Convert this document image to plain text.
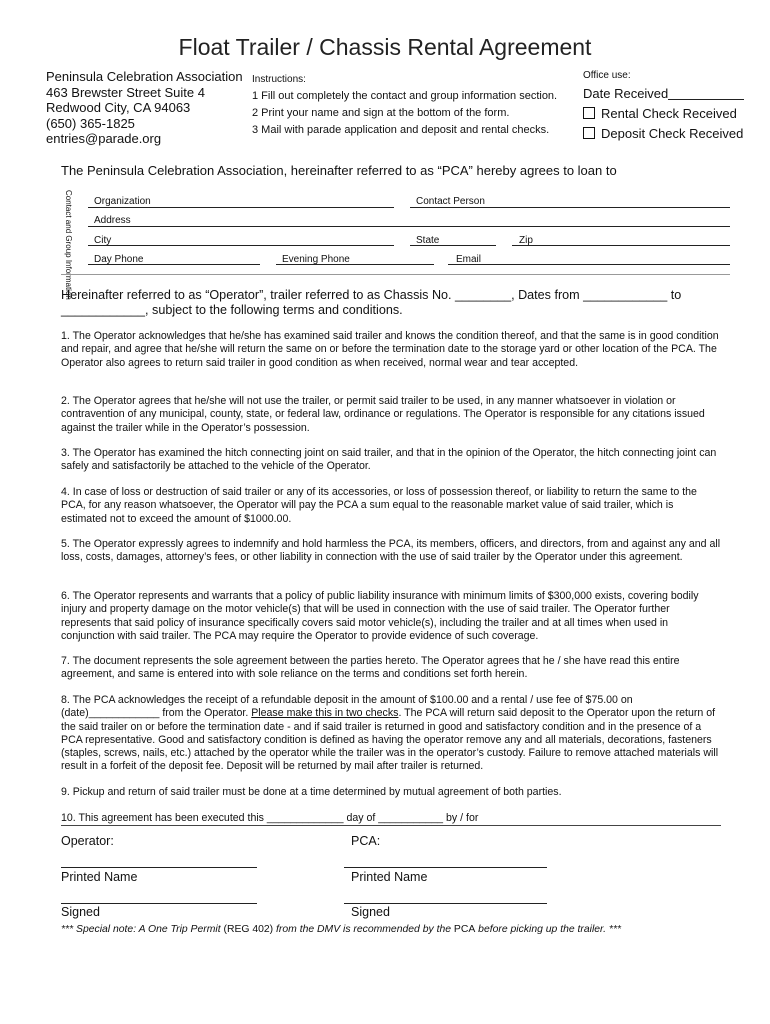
Float Trailer / Chassis Rental Agreement
Peninsula Celebration Association
463 Brewster Street Suite 4
Redwood City, CA 94063
(650) 365-1825
entries@parade.org
Instructions:
1 Fill out completely the contact and group information section.
2 Print your name and sign at the bottom of the form.
3 Mail with parade application and deposit and rental checks.
Office use:
Date Received
Rental Check Received
Deposit Check Received
The Peninsula Celebration Association, hereinafter referred to as “PCA” hereby agrees to loan to
Contact and Group Information Organization	Contact Person
Address
City	State	Zip
Day Phone	Evening Phone	Email
Hereinafter referred to as “Operator”, trailer referred to as Chassis No. ________, Dates from ____________ to
____________, subject to the following terms and conditions.
1. The Operator acknowledges that he/she has examined said trailer and knows the condition thereof, and that the same is in good condition and repair, and agree that he/she will return the same on or before the termination date to the storage yard or other location of the PCA. The Operator also agrees to return said trailer in good condition as when received, normal wear and tear accepted.
2. The Operator agrees that he/she will not use the trailer, or permit said trailer to be used, in any manner whatsoever in violation or contravention of any municipal, county, state, or federal law, ordinance or regulations. The Operator is responsible for any citations issued against the trailer while in the Operator’s possession.
3. The Operator has examined the hitch connecting joint on said trailer, and that in the opinion of the Operator, the hitch connecting joint can safely and satisfactorily be attached to the vehicle of the Operator.
4. In case of loss or destruction of said trailer or any of its accessories, or loss of possession thereof, or liability to return the same to the PCA, for any reason whatsoever, the Operator will pay the PCA a sum equal to the reasonable market value of said trailer, which is estimated not to exceed the amount of $1000.00.
5. The Operator expressly agrees to indemnify and hold harmless the PCA, its members, officers, and directors, from and against any and all loss, costs, damages, attorney’s fees, or other liability in connection with the use of said trailer by the Operator under this agreement.
6. The Operator represents and warrants that a policy of public liability insurance with minimum limits of $300,000 exists, covering bodily injury and property damage on the motor vehicle(s) that will be used in connection with the use of said trailer. The Operator further represents that said policy of insurance specifically covers said motor vehicle(s), including the trailer and at all times when used in conjunction with said trailer. The PCA may require the Operator to provide evidence of such coverage.
7. The document represents the sole agreement between the parties hereto. The Operator agrees that he / she have read this entire agreement, and same is entered into with sole reliance on the terms and conditions set forth herein.
8. The PCA acknowledges the receipt of a refundable deposit in the amount of $100.00 and a rental / use fee of $75.00 on
(date)____________ from the Operator. Please make this in two checks. The PCA will return said deposit to the Operator upon the return of the said trailer on or before the termination date - and if said trailer is returned in good and satisfactory condition and in the presence of a PCA representative. Good and satisfactory condition is defined as having the operator remove any and all materials, decorations, fasteners (staples, screws, nails, etc.) attached by the operator while the trailer was in the operator’s custody. Failure to remove attached materials will result in a forfeit of the deposit fee. Deposit will be returned by mail after trailer is returned.
9. Pickup and return of said trailer must be done at a time determined by mutual agreement of both parties.
10. This agreement has been executed this _____________ day of ___________ by / for
Operator:	PCA:
Printed Name	Printed Name
Signed	Signed
*** Special note: A One Trip Permit (REG 402) from the DMV is recommended by the PCA before picking up the trailer. ***
